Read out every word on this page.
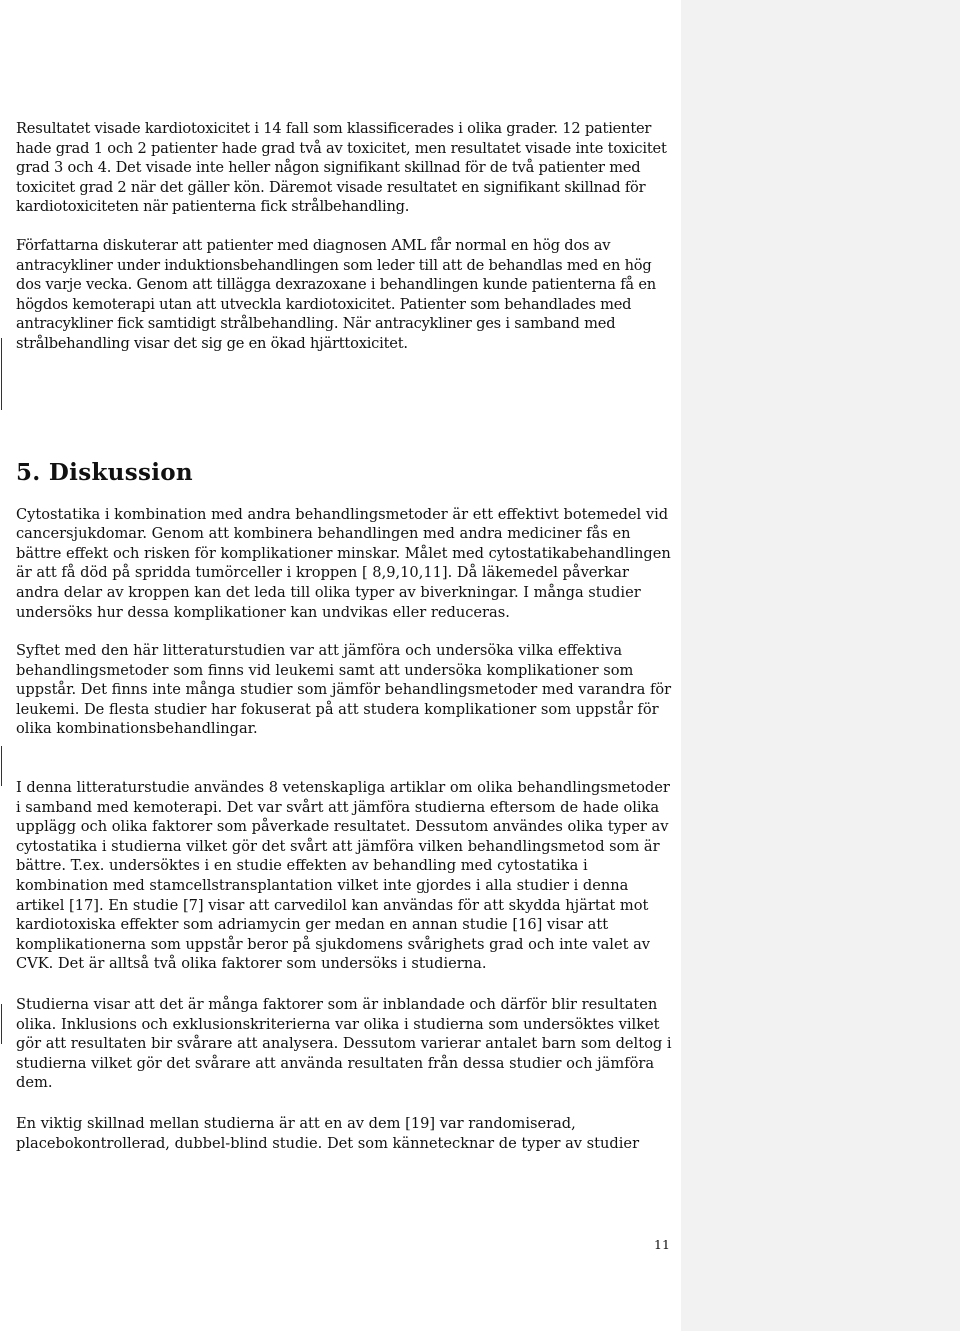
Resultatet visade kardiotoxicitet i 14 fall som klassificerades i olika grader. 12 patienter hade grad 1 och 2 patienter hade grad två av toxicitet, men resultatet visade inte toxicitet grad 3 och 4. Det visade inte heller någon signifikant skillnad för de två patienter med toxicitet grad 2 när det gäller kön. Däremot visade resultatet en signifikant skillnad för kardiotoxiciteten när patienterna fick strålbehandling.

Författarna diskuterar att patienter med diagnosen AML får normal en hög dos av antracykliner under induktionsbehandlingen som leder till att de behandlas med en hög dos varje vecka. Genom att tillägga dexrazoxane i behandlingen kunde patienterna få en högdos kemoterapi utan att utveckla kardiotoxicitet. Patienter som behandlades med antracykliner fick samtidigt strålbehandling. När antracykliner ges i samband med strålbehandling visar det sig ge en ökad hjärttoxicitet.

5. Diskussion

Cytostatika i kombination med andra behandlingsmetoder är ett effektivt botemedel vid cancersjukdomar. Genom att kombinera behandlingen med andra mediciner fås en bättre effekt och risken för komplikationer minskar. Målet med cytostatikabehandlingen är att få död på spridda tumörceller i kroppen [ 8,9,10,11]. Då läkemedel påverkar andra delar av kroppen kan det leda till olika typer av biverkningar. I många studier undersöks hur dessa komplikationer kan undvikas eller reduceras.

Syftet med den här litteraturstudien var att jämföra och undersöka vilka effektiva behandlingsmetoder som finns vid leukemi samt att undersöka komplikationer som uppstår. Det finns inte många studier som jämför behandlingsmetoder med varandra för leukemi. De flesta studier har fokuserat på att studera komplikationer som uppstår för olika kombinationsbehandlingar.

I denna litteraturstudie användes 8 vetenskapliga artiklar om olika behandlingsmetoder i samband med kemoterapi. Det var svårt att jämföra studierna eftersom de hade olika upplägg och olika faktorer som påverkade resultatet. Dessutom användes olika typer av cytostatika i studierna vilket gör det svårt att jämföra vilken behandlingsmetod som är bättre. T.ex. undersöktes i en studie effekten av behandling med cytostatika i kombination med stamcellstransplantation vilket inte gjordes i alla studier i denna artikel [17]. En studie [7] visar att carvedilol kan användas för att skydda hjärtat mot kardiotoxiska effekter som adriamycin ger medan en annan studie [16] visar att komplikationerna som uppstår beror på sjukdomens svårighets grad och inte valet av CVK. Det är alltså två olika faktorer som undersöks i studierna.

Studierna visar att det är många faktorer som är inblandade och därför blir resultaten olika. Inklusions och exklusionskriterierna var olika i studierna som undersöktes vilket gör att resultaten bir svårare att analysera. Dessutom varierar antalet barn som deltog i studierna vilket gör det svårare att använda resultaten från dessa studier och jämföra dem.

En viktig skillnad mellan studierna är att en av dem [19] var randomiserad, placebokontrollerad, dubbel-blind studie. Det som kännetecknar de typer av studier

11
